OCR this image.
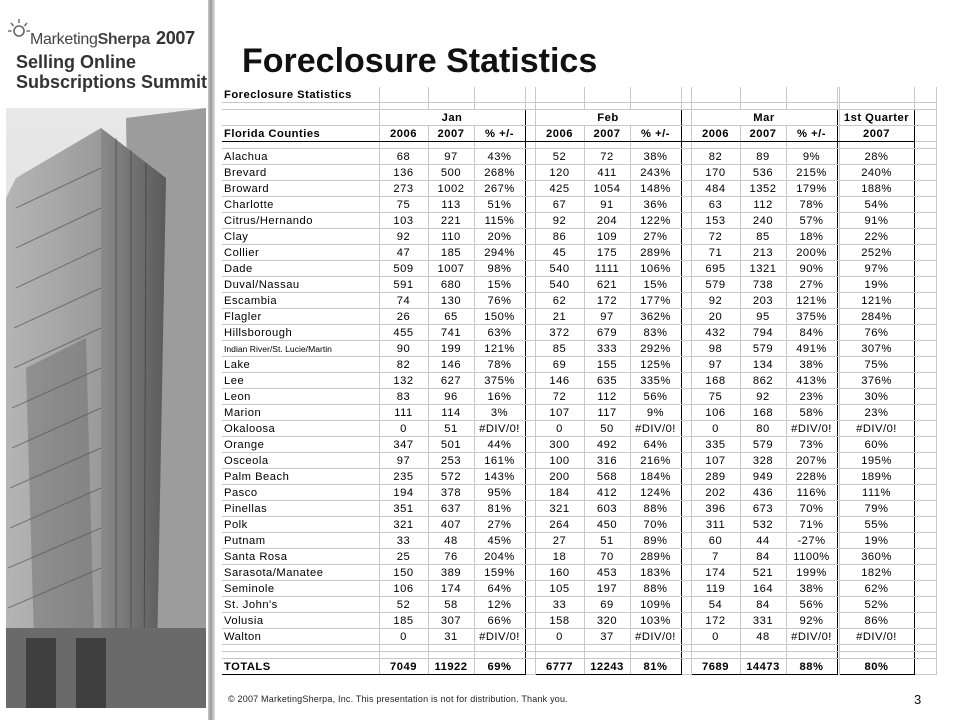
MarketingSherpa 2007
Selling Online
Subscriptions Summit
Foreclosure Statistics
Foreclosure Statistics														

	Jan				Feb				Mar				1st Quarter	
Florida Counties	2006	2007	% +/-		2006	2007	% +/-		2006	2007	% +/-		2007	

Alachua	68	97	43%		52	72	38%		82	89	9%		28%	
Brevard	136	500	268%		120	411	243%		170	536	215%		240%	
Broward	273	1002	267%		425	1054	148%		484	1352	179%		188%	
Charlotte	75	113	51%		67	91	36%		63	112	78%		54%	
Citrus/Hernando	103	221	115%		92	204	122%		153	240	57%		91%	
Clay	92	110	20%		86	109	27%		72	85	18%		22%	
Collier	47	185	294%		45	175	289%		71	213	200%		252%	
Dade	509	1007	98%		540	1111	106%		695	1321	90%		97%	
Duval/Nassau	591	680	15%		540	621	15%		579	738	27%		19%	
Escambia	74	130	76%		62	172	177%		92	203	121%		121%	
Flagler	26	65	150%		21	97	362%		20	95	375%		284%	
Hillsborough	455	741	63%		372	679	83%		432	794	84%		76%	
Indian River/St. Lucie/Martin	90	199	121%		85	333	292%		98	579	491%		307%	
Lake	82	146	78%		69	155	125%		97	134	38%		75%	
Lee	132	627	375%		146	635	335%		168	862	413%		376%	
Leon	83	96	16%		72	112	56%		75	92	23%		30%	
Marion	111	114	3%		107	117	9%		106	168	58%		23%	
Okaloosa	0	51	#DIV/0!		0	50	#DIV/0!		0	80	#DIV/0!		#DIV/0!	
Orange	347	501	44%		300	492	64%		335	579	73%		60%	
Osceola	97	253	161%		100	316	216%		107	328	207%		195%	
Palm Beach	235	572	143%		200	568	184%		289	949	228%		189%	
Pasco	194	378	95%		184	412	124%		202	436	116%		111%	
Pinellas	351	637	81%		321	603	88%		396	673	70%		79%	
Polk	321	407	27%		264	450	70%		311	532	71%		55%	
Putnam	33	48	45%		27	51	89%		60	44	-27%		19%	
Santa Rosa	25	76	204%		18	70	289%		7	84	1100%		360%	
Sarasota/Manatee	150	389	159%		160	453	183%		174	521	199%		182%	
Seminole	106	174	64%		105	197	88%		119	164	38%		62%	
St. John's	52	58	12%		33	69	109%		54	84	56%		52%	
Volusia	185	307	66%		158	320	103%		172	331	92%		86%	
Walton	0	31	#DIV/0!		0	37	#DIV/0!		0	48	#DIV/0!		#DIV/0!	

TOTALS	7049	11922	69%		6777	12243	81%		7689	14473	88%		80%	
© 2007 MarketingSherpa, Inc. This presentation is not for distribution. Thank you.	3
